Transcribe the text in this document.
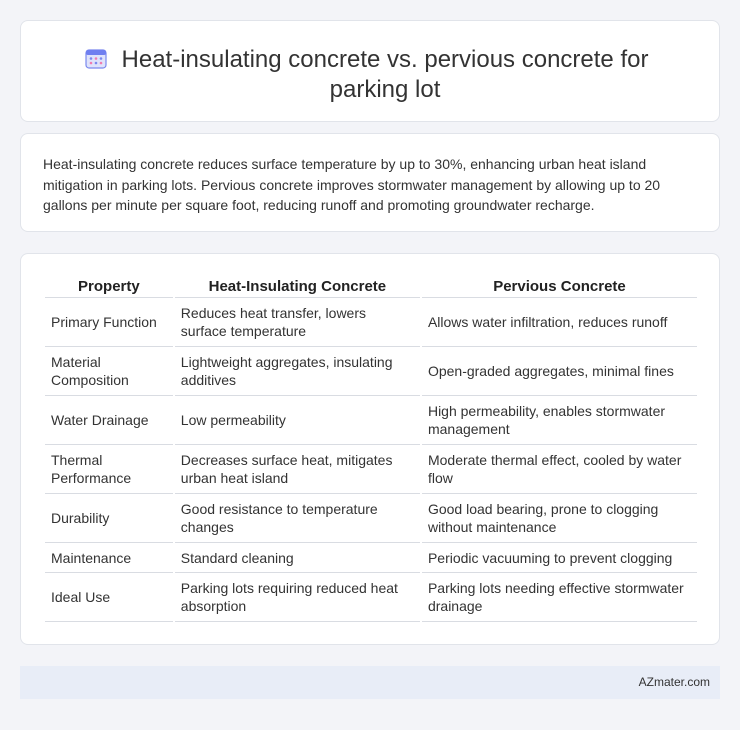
Heat-insulating concrete vs. pervious concrete for parking lot

Heat-insulating concrete reduces surface temperature by up to 30%, enhancing urban heat island mitigation in parking lots. Pervious concrete improves stormwater management by allowing up to 20 gallons per minute per square foot, reducing runoff and promoting groundwater recharge.

Property	Heat-Insulating Concrete	Pervious Concrete
Primary Function	Reduces heat transfer, lowers surface temperature	Allows water infiltration, reduces runoff
Material Composition	Lightweight aggregates, insulating additives	Open-graded aggregates, minimal fines
Water Drainage	Low permeability	High permeability, enables stormwater management
Thermal Performance	Decreases surface heat, mitigates urban heat island	Moderate thermal effect, cooled by water flow
Durability	Good resistance to temperature changes	Good load bearing, prone to clogging without maintenance
Maintenance	Standard cleaning	Periodic vacuuming to prevent clogging
Ideal Use	Parking lots requiring reduced heat absorption	Parking lots needing effective stormwater drainage
AZmater.com
